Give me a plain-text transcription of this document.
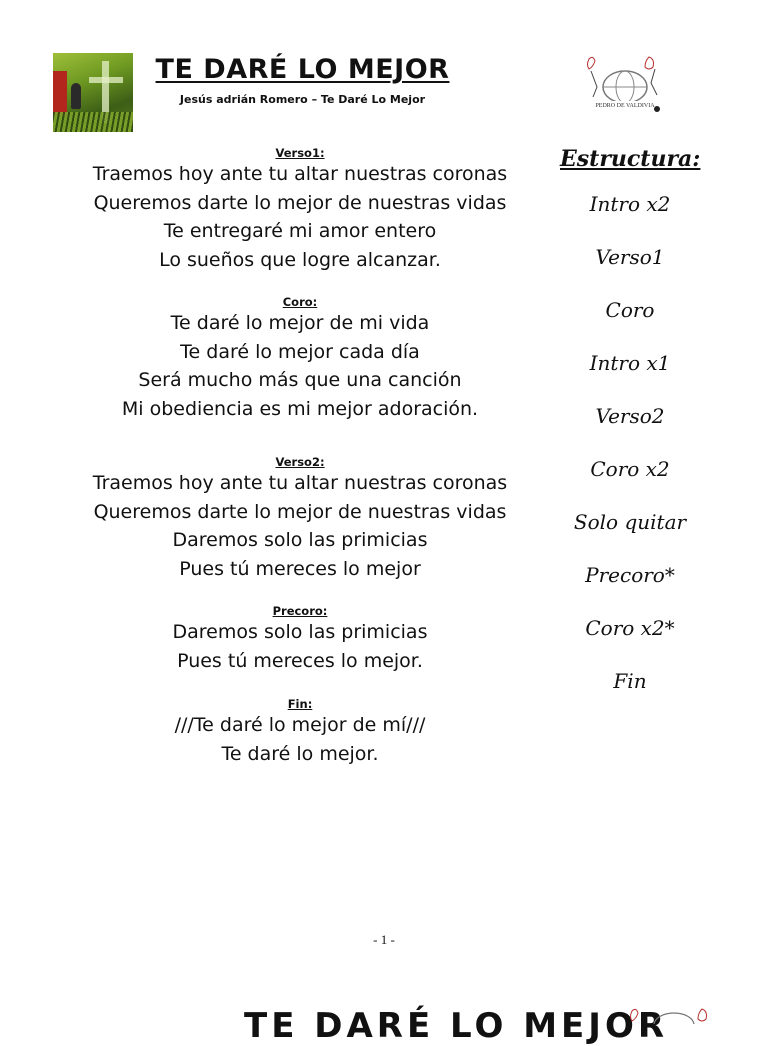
TE DARÉ LO MEJOR
Jesús adrián Romero – Te Daré Lo Mejor	PEDRO DE VALDIVIA

Verso1:

Traemos hoy ante tu altar nuestras coronas

Queremos darte lo mejor de nuestras vidas

Te entregaré mi amor entero

Lo sueños que logre alcanzar.

Coro:

Te daré lo mejor de mi vida

Te daré lo mejor cada día

Será mucho más que una canción

Mi obediencia es mi mejor adoración.

Verso2:

Traemos hoy ante tu altar nuestras coronas

Queremos darte lo mejor de nuestras vidas

Daremos solo las primicias

Pues tú mereces lo mejor

Precoro:

Daremos solo las primicias

Pues tú mereces lo mejor.

Fin:

///Te daré lo mejor de mí///

Te daré lo mejor.

Estructura:

Intro x2

Verso1

Coro

Intro x1

Verso2

Coro x2

Solo quitar

Precoro*

Coro x2*

Fin

- 1 -
TE DARÉ LO MEJOR
